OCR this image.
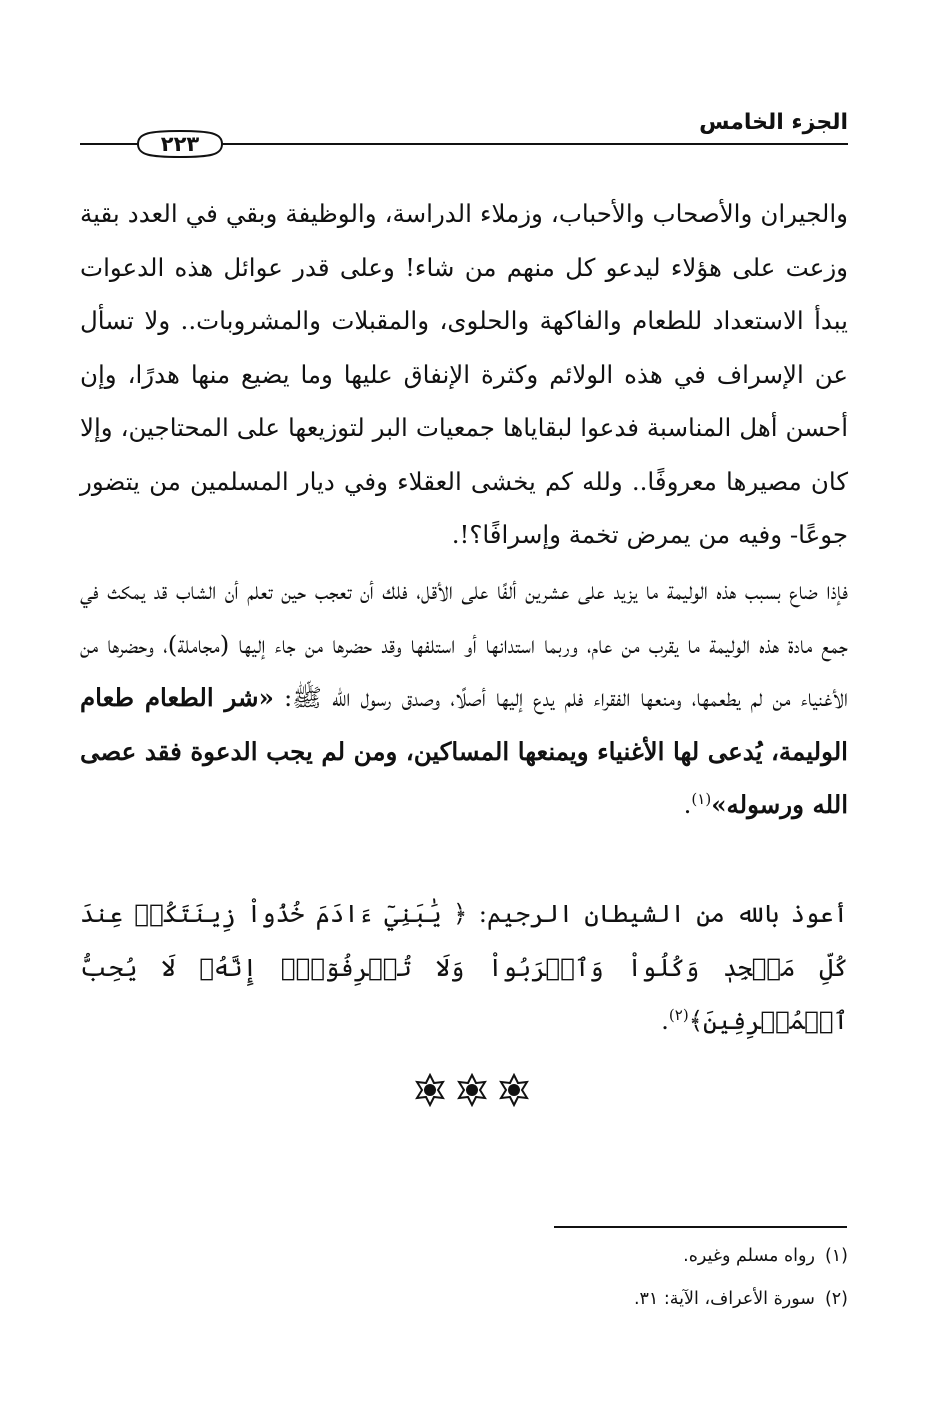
الجزء الخامس
٢٢٣

والجيران والأصحاب والأحباب، وزملاء الدراسة، والوظيفة وبقي في العدد بقية وزعت على هؤلاء ليدعو كل منهم من شاء! وعلى قدر عوائل هذه الدعوات يبدأ الاستعداد للطعام والفاكهة والحلوى، والمقبلات والمشروبات.. ولا تسأل عن الإسراف في هذه الولائم وكثرة الإنفاق عليها وما يضيع منها هدرًا، وإن أحسن أهل المناسبة فدعوا لبقاياها جمعيات البر لتوزيعها على المحتاجين، وإلا كان مصيرها معروفًا.. ولله كم يخشى العقلاء وفي ديار المسلمين من يتضور جوعًا- وفيه من يمرض تخمة وإسرافًا؟!.

فإذا ضاع بسبب هذه الوليمة ما يزيد على عشرين ألفًا على الأقل، فلك أن تعجب حين تعلم أن الشاب قد يمكث في جمع مادة هذه الوليمة ما يقرب من عام، وربما استدانها أو استلفها وقد حضرها من جاء إليها (مجاملة)، وحضرها من الأغنياء من لم يطعمها، ومنعها الفقراء فلم يدع إليها أصلًا، وصدق رسول الله ﷺ: «شر الطعام طعام الوليمة، يُدعى لها الأغنياء ويمنعها المساكين، ومن لم يجب الدعوة فقد عصى الله ورسوله»$^{(١)}$.

أعوذ بالله من الشيطان الرجيم: ﴿ يَٰبَنِيٓ ءَادَمَ خُذُواْ زِينَتَكُمۡ عِندَ كُلِّ مَسۡجِدٖ وَكُلُواْ وَٱشۡرَبُواْ وَلَا تُسۡرِفُوٓاْۚ إِنَّهُۥ لَا يُحِبُّ ٱلۡمُسۡرِفِينَ﴾$^{(٢)}$.

(١)رواه مسلم وغيره.
(٢)سورة الأعراف، الآية: ٣١.
